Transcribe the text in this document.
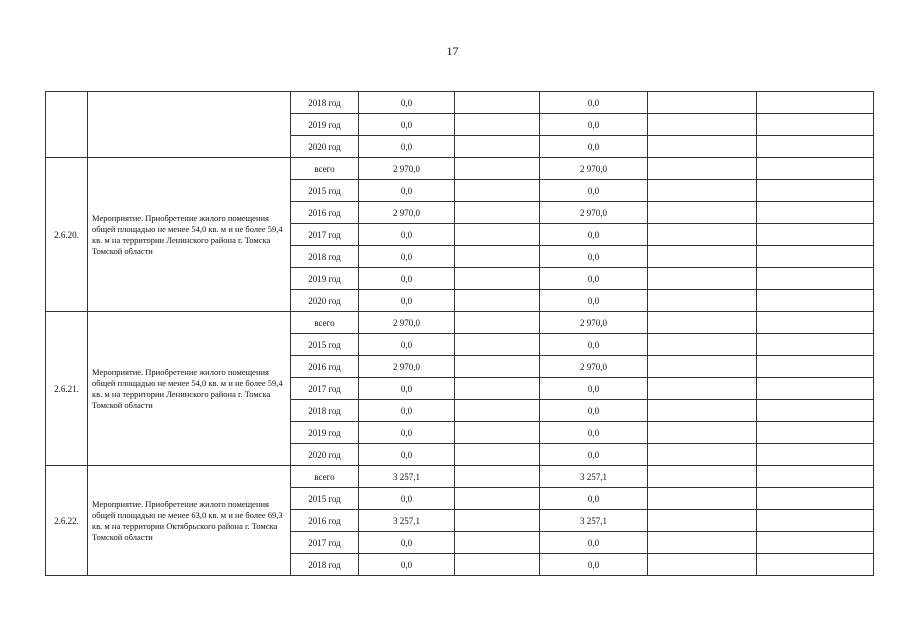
17
		2018 год	0,0		0,0		
		2019 год	0,0		0,0		
		2020 год	0,0		0,0		
2.6.20.	Мероприятие. Приобретение жилого помещения общей площадью не менее 54,0 кв. м и не более 59,4 кв. м на территории Ленинского района г. Томска Томской области	всего	2 970,0		2 970,0		
		2015 год	0,0		0,0		
		2016 год	2 970,0		2 970,0		
		2017 год	0,0		0,0		
		2018 год	0,0		0,0		
		2019 год	0,0		0,0		
		2020 год	0,0		0,0		
2.6.21.	Мероприятие. Приобретение жилого помещения общей площадью не менее 54,0 кв. м и не более 59,4 кв. м на территории Ленинского района г. Томска Томской области	всего	2 970,0		2 970,0		
		2015 год	0,0		0,0		
		2016 год	2 970,0		2 970,0		
		2017 год	0,0		0,0		
		2018 год	0,0		0,0		
		2019 год	0,0		0,0		
		2020 год	0,0		0,0		
2.6.22.	Мероприятие. Приобретение жилого помещения общей площадью не менее 63,0 кв. м и не более 69,3 кв. м на территории Октябрьского района г. Томска Томской области	всего	3 257,1		3 257,1		
		2015 год	0,0		0,0		
		2016 год	3 257,1		3 257,1		
		2017 год	0,0		0,0		
		2018 год	0,0		0,0		
